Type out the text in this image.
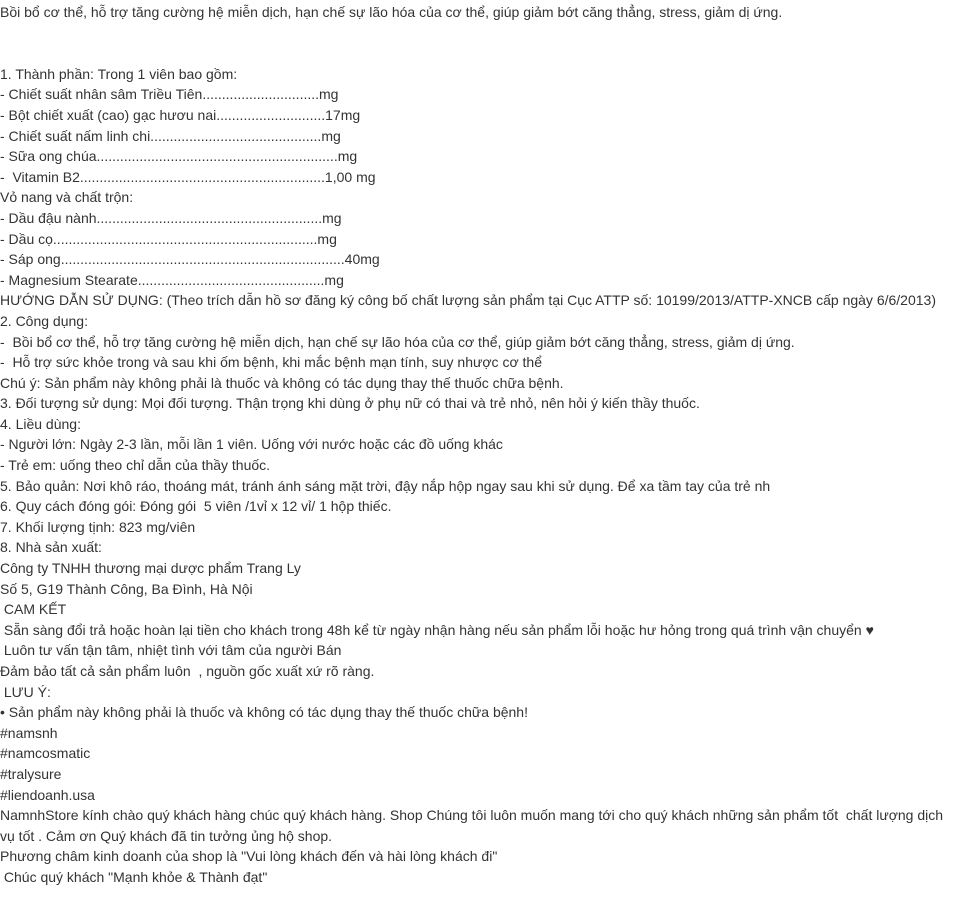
Bồi bổ cơ thể, hỗ trợ tăng cường hệ miễn dịch, hạn chế sự lão hóa của cơ thể, giúp giảm bớt căng thẳng, stress, giảm dị ứng.
1. Thành phần: Trong 1 viên bao gồm:
- Chiết suất nhân sâm Triều Tiên..............................mg
- Bột chiết xuất (cao) gạc hươu nai............................17mg
- Chiết suất nấm linh chi............................................mg
- Sữa ong chúa..............................................................mg
-  Vitamin B2...............................................................1,00 mg
Vỏ nang và chất trộn:
- Dầu đậu nành..........................................................mg
- Dầu cọ....................................................................mg
- Sáp ong.........................................................................40mg
- Magnesium Stearate................................................mg
HƯỚNG DẪN SỬ DỤNG: (Theo trích dẫn hồ sơ đăng ký công bố chất lượng sản phẩm tại Cục ATTP số: 10199/2013/ATTP-XNCB cấp ngày 6/6/2013)
2. Công dụng:
-  Bồi bổ cơ thể, hỗ trợ tăng cường hệ miễn dịch, hạn chế sự lão hóa của cơ thể, giúp giảm bớt căng thẳng, stress, giảm dị ứng.
-  Hỗ trợ sức khỏe trong và sau khi ốm bệnh, khi mắc bệnh mạn tính, suy nhược cơ thể
Chú ý: Sản phẩm này không phải là thuốc và không có tác dụng thay thế thuốc chữa bệnh.
3. Đối tượng sử dụng: Mọi đối tượng. Thận trọng khi dùng ở phụ nữ có thai và trẻ nhỏ, nên hỏi ý kiến thầy thuốc.
4. Liều dùng:
- Người lớn: Ngày 2-3 lần, mỗi lần 1 viên. Uống với nước hoặc các đồ uống khác
- Trẻ em: uống theo chỉ dẫn của thầy thuốc.
5. Bảo quản: Nơi khô ráo, thoáng mát, tránh ánh sáng mặt trời, đậy nắp hộp ngay sau khi sử dụng. Để xa tầm tay của trẻ nh
6. Quy cách đóng gói: Đóng gói  5 viên /1vỉ x 12 vỉ/ 1 hộp thiếc.
7. Khối lượng tịnh: 823 mg/viên
8. Nhà sản xuất:
Công ty TNHH thương mại dược phẩm Trang Ly
Số 5, G19 Thành Công, Ba Đình, Hà Nội
CAM KẾT
Sẵn sàng đổi trả hoặc hoàn lại tiền cho khách trong 48h kể từ ngày nhận hàng nếu sản phẩm lỗi hoặc hư hỏng trong quá trình vận chuyển ♥
Luôn tư vấn tận tâm, nhiệt tình với tâm của người Bán
Đảm bảo tất cả sản phẩm luôn  , nguồn gốc xuất xứ rõ ràng.
LƯU Ý:
• Sản phẩm này không phải là thuốc và không có tác dụng thay thế thuốc chữa bệnh!
#namsnh
#namcosmatic
#tralysure
#liendoanh.usa
NamnhStore kính chào quý khách hàng chúc quý khách hàng. Shop Chúng tôi luôn muốn mang tới cho quý khách những sản phẩm tốt  chất lượng dịch vụ tốt . Cảm ơn Quý khách đã tin tưởng ủng hộ shop.
Phương châm kinh doanh của shop là "Vui lòng khách đến và hài lòng khách đi"
Chúc quý khách "Mạnh khỏe & Thành đạt"
